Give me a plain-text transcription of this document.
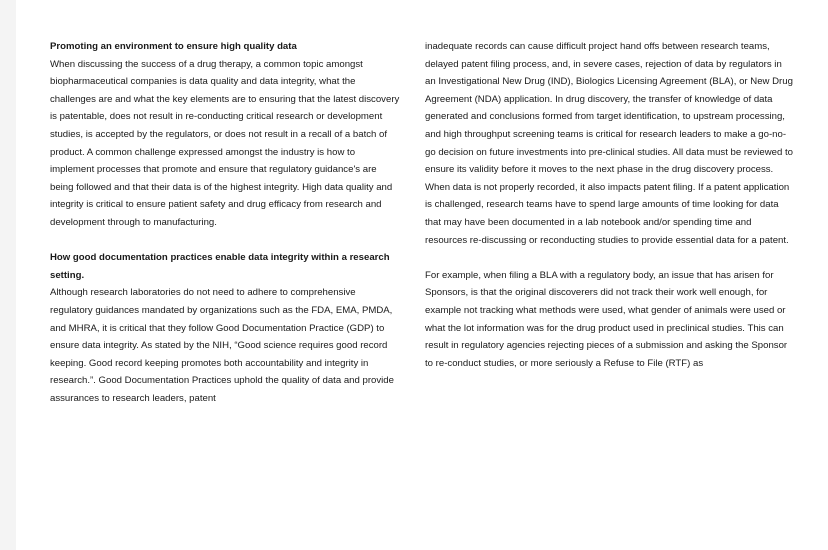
Promoting an environment to ensure high quality data

When discussing the success of a drug therapy, a common topic amongst biopharmaceutical companies is data quality and data integrity, what the challenges are and what the key elements are to ensuring that the latest discovery is patentable, does not result in re-conducting critical research or development studies, is accepted by the regulators, or does not result in a recall of a batch of product. A common challenge expressed amongst the industry is how to implement processes that promote and ensure that regulatory guidance's are being followed and that their data is of the highest integrity. High data quality and integrity is critical to ensure patient safety and drug efficacy from research and development through to manufacturing.

How good documentation practices enable data integrity within a research setting.

Although research laboratories do not need to adhere to comprehensive regulatory guidances mandated by organizations such as the FDA, EMA, PMDA, and MHRA, it is critical that they follow Good Documentation Practice (GDP) to ensure data integrity. As stated by the NIH, “Good science requires good record keeping. Good record keeping promotes both accountability and integrity in research.”. Good Documentation Practices uphold the quality of data and provide assurances to research leaders, patent

inadequate records can cause difficult project hand offs between research teams, delayed patent filing process, and, in severe cases, rejection of data by regulators in an Investigational New Drug (IND), Biologics Licensing Agreement (BLA), or New Drug Agreement (NDA) application. In drug discovery, the transfer of knowledge of data generated and conclusions formed from target identification, to upstream processing, and high throughput screening teams is critical for research leaders to make a go-no-go decision on future investments into pre-clinical studies. All data must be reviewed to ensure its validity before it moves to the next phase in the drug discovery process. When data is not properly recorded, it also impacts patent filing. If a patent application is challenged, research teams have to spend large amounts of time looking for data that may have been documented in a lab notebook and/or spending time and resources re-discussing or reconducting studies to provide essential data for a patent.

For example, when filing a BLA with a regulatory body, an issue that has arisen for Sponsors, is that the original discoverers did not track their work well enough, for example not tracking what methods were used, what gender of animals were used or what the lot information was for the drug product used in preclinical studies. This can result in regulatory agencies rejecting pieces of a submission and asking the Sponsor to re-conduct studies, or more seriously a Refuse to File (RTF) as
